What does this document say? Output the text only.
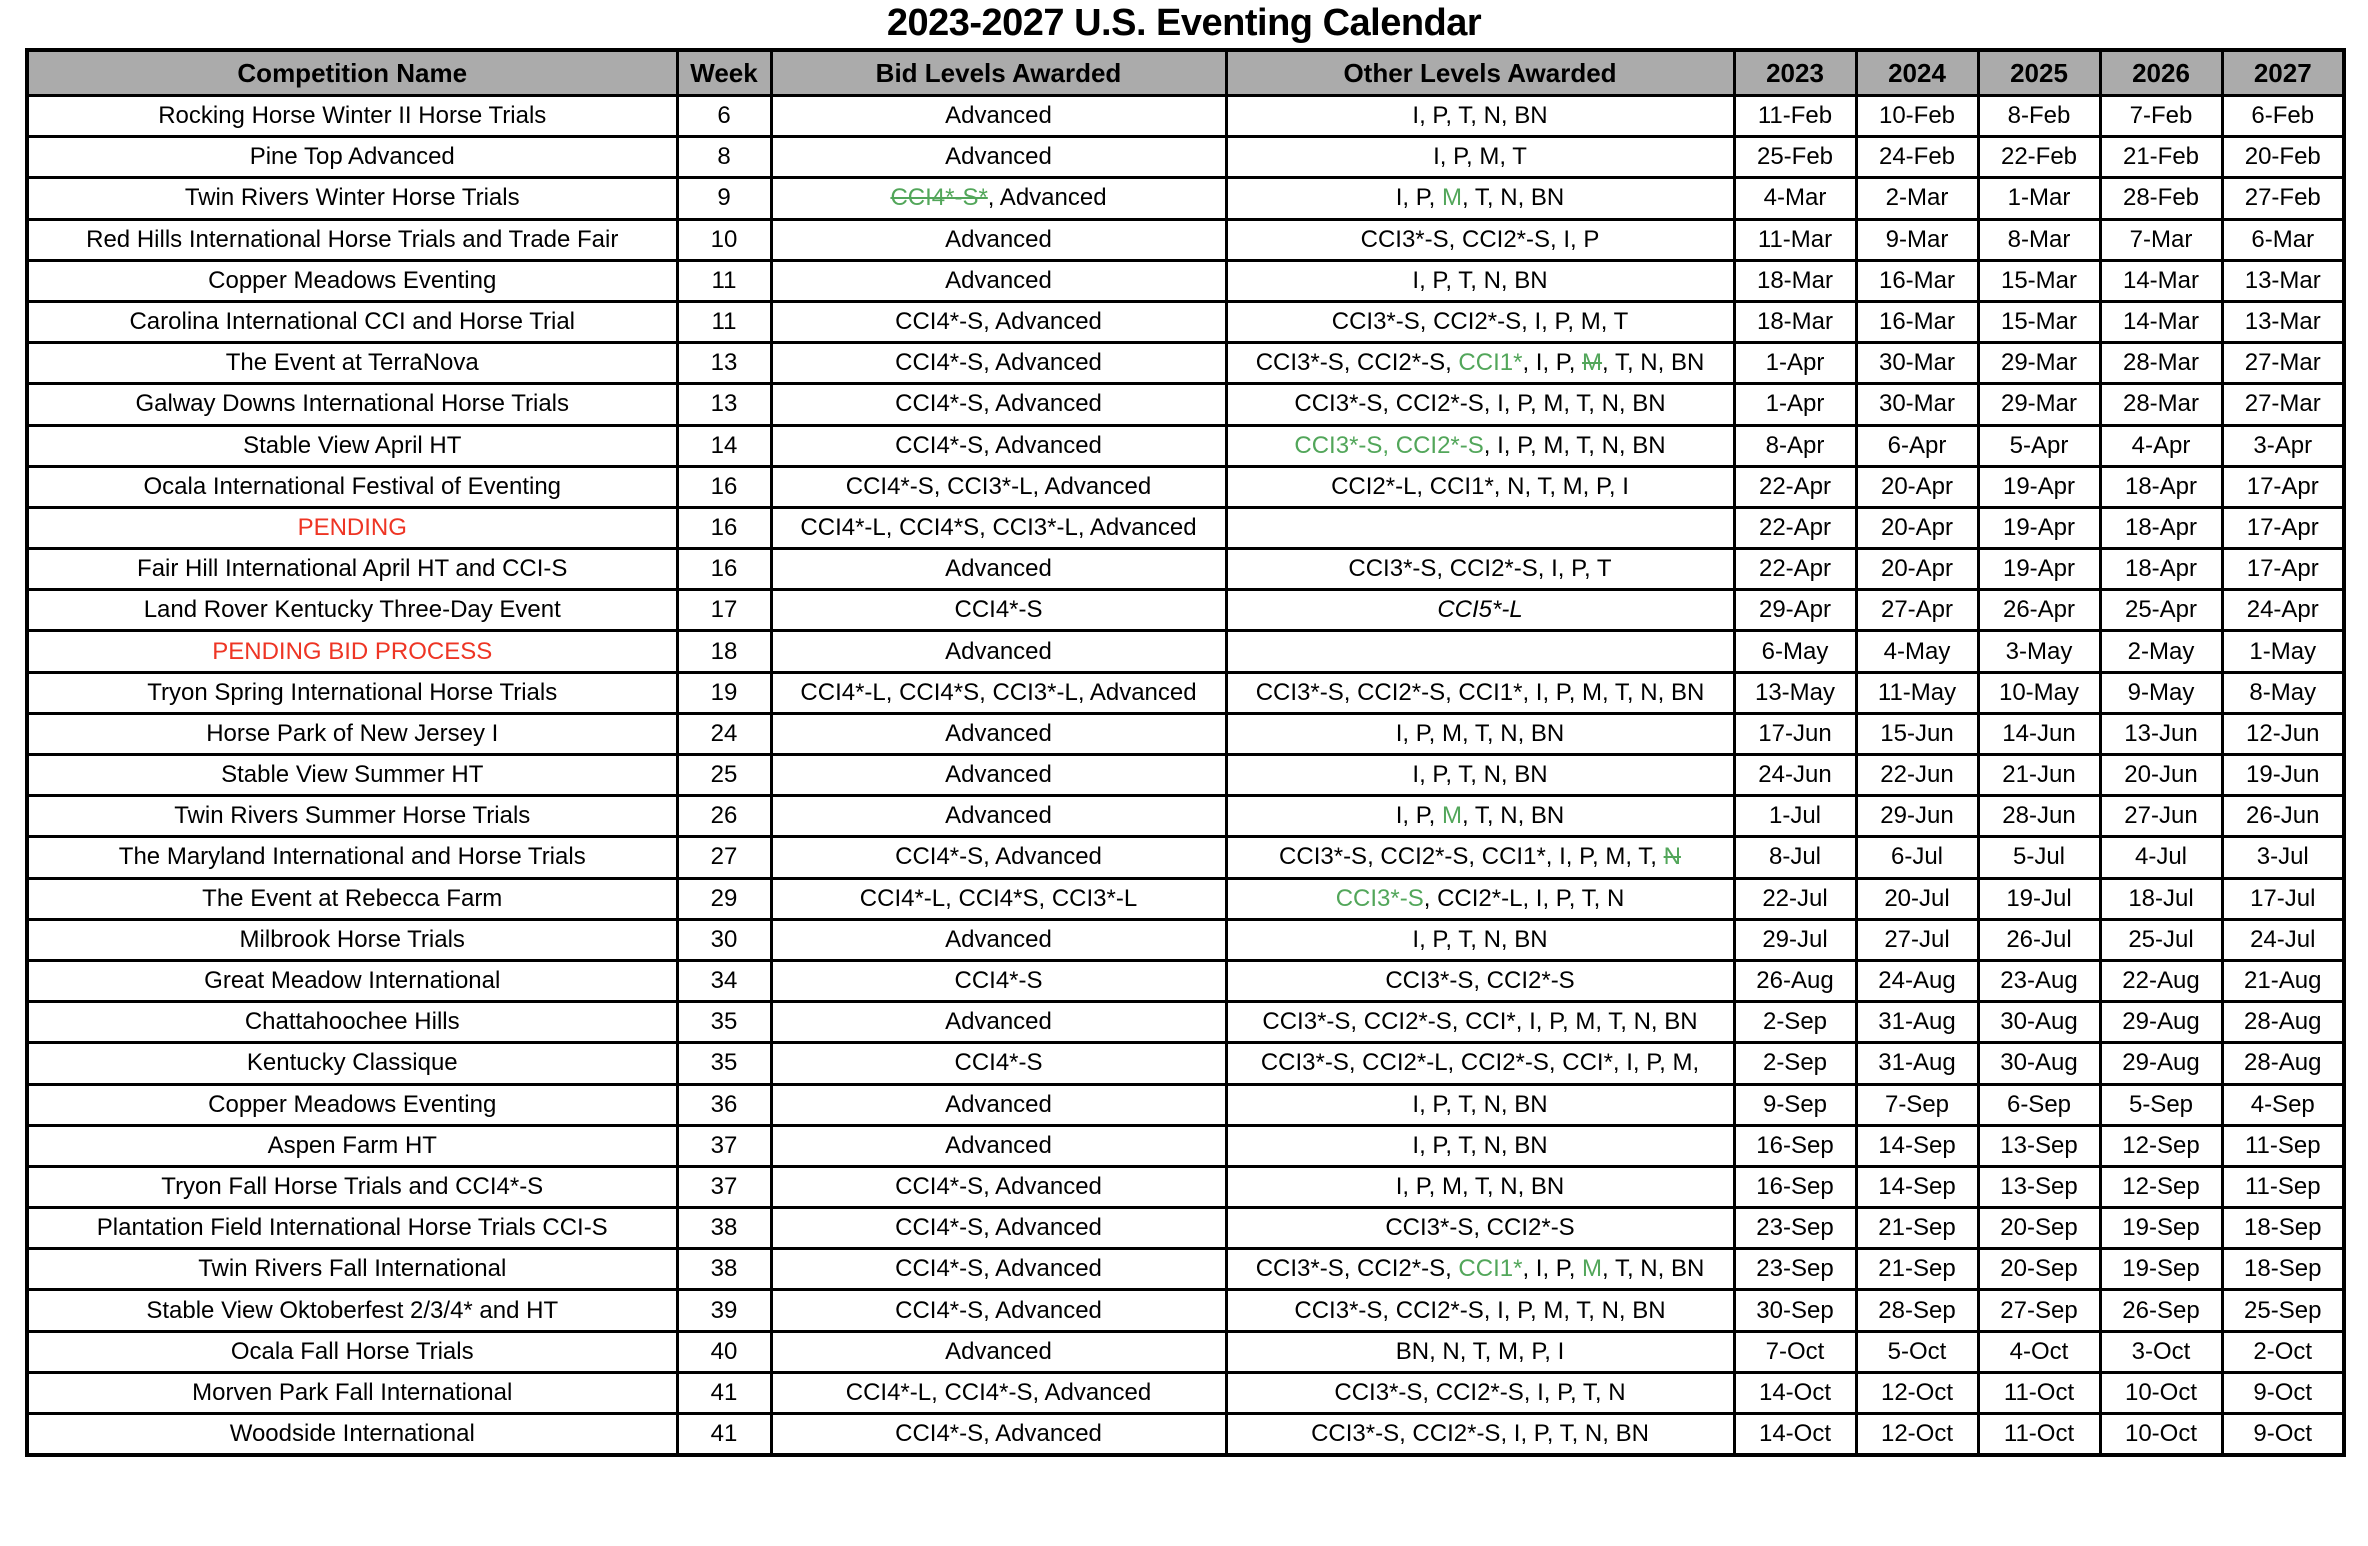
2023-2027 U.S. Eventing Calendar
Competition Name	Week	Bid Levels Awarded	Other Levels Awarded	2023	2024	2025	2026	2027
Rocking Horse Winter II Horse Trials	6	Advanced	I, P, T, N, BN	11-Feb	10-Feb	8-Feb	7-Feb	6-Feb
Pine Top Advanced	8	Advanced	I, P, M, T	25-Feb	24-Feb	22-Feb	21-Feb	20-Feb
Twin Rivers Winter Horse Trials	9	CCI4*-S*, Advanced	I, P, M, T, N, BN	4-Mar	2-Mar	1-Mar	28-Feb	27-Feb
Red Hills International Horse Trials and Trade Fair	10	Advanced	CCI3*-S, CCI2*-S, I, P	11-Mar	9-Mar	8-Mar	7-Mar	6-Mar
Copper Meadows Eventing	11	Advanced	I, P, T, N, BN	18-Mar	16-Mar	15-Mar	14-Mar	13-Mar
Carolina International CCI and Horse Trial	11	CCI4*-S, Advanced	CCI3*-S, CCI2*-S, I, P, M, T	18-Mar	16-Mar	15-Mar	14-Mar	13-Mar
The Event at TerraNova	13	CCI4*-S, Advanced	CCI3*-S, CCI2*-S, CCI1*, I, P, M, T, N, BN	1-Apr	30-Mar	29-Mar	28-Mar	27-Mar
Galway Downs International Horse Trials	13	CCI4*-S, Advanced	CCI3*-S, CCI2*-S, I, P, M, T, N, BN	1-Apr	30-Mar	29-Mar	28-Mar	27-Mar
Stable View April HT	14	CCI4*-S, Advanced	CCI3*-S, CCI2*-S, I, P, M, T, N, BN	8-Apr	6-Apr	5-Apr	4-Apr	3-Apr
Ocala International Festival of Eventing	16	CCI4*-S, CCI3*-L, Advanced	CCI2*-L, CCI1*, N, T, M, P, I	22-Apr	20-Apr	19-Apr	18-Apr	17-Apr
PENDING	16	CCI4*-L, CCI4*S, CCI3*-L, Advanced		22-Apr	20-Apr	19-Apr	18-Apr	17-Apr
Fair Hill International April HT and CCI-S	16	Advanced	CCI3*-S, CCI2*-S, I, P, T	22-Apr	20-Apr	19-Apr	18-Apr	17-Apr
Land Rover Kentucky Three-Day Event	17	CCI4*-S	CCI5*-L	29-Apr	27-Apr	26-Apr	25-Apr	24-Apr
PENDING BID PROCESS	18	Advanced		6-May	4-May	3-May	2-May	1-May
Tryon Spring International Horse Trials	19	CCI4*-L, CCI4*S, CCI3*-L, Advanced	CCI3*-S, CCI2*-S, CCI1*, I, P, M, T, N, BN	13-May	11-May	10-May	9-May	8-May
Horse Park of New Jersey I	24	Advanced	I, P, M, T, N, BN	17-Jun	15-Jun	14-Jun	13-Jun	12-Jun
Stable View Summer HT	25	Advanced	I, P, T, N, BN	24-Jun	22-Jun	21-Jun	20-Jun	19-Jun
Twin Rivers Summer Horse Trials	26	Advanced	I, P, M, T, N, BN	1-Jul	29-Jun	28-Jun	27-Jun	26-Jun
The Maryland International and Horse Trials	27	CCI4*-S, Advanced	CCI3*-S, CCI2*-S, CCI1*, I, P, M, T, N	8-Jul	6-Jul	5-Jul	4-Jul	3-Jul
The Event at Rebecca Farm	29	CCI4*-L, CCI4*S, CCI3*-L	CCI3*-S, CCI2*-L, I, P, T, N	22-Jul	20-Jul	19-Jul	18-Jul	17-Jul
Milbrook Horse Trials	30	Advanced	I, P, T, N, BN	29-Jul	27-Jul	26-Jul	25-Jul	24-Jul
Great Meadow International	34	CCI4*-S	CCI3*-S, CCI2*-S	26-Aug	24-Aug	23-Aug	22-Aug	21-Aug
Chattahoochee Hills	35	Advanced	CCI3*-S, CCI2*-S, CCI*, I, P, M, T, N, BN	2-Sep	31-Aug	30-Aug	29-Aug	28-Aug
Kentucky Classique	35	CCI4*-S	CCI3*-S, CCI2*-L, CCI2*-S, CCI*, I, P, M,	2-Sep	31-Aug	30-Aug	29-Aug	28-Aug
Copper Meadows Eventing	36	Advanced	I, P, T, N, BN	9-Sep	7-Sep	6-Sep	5-Sep	4-Sep
Aspen Farm HT	37	Advanced	I, P, T, N, BN	16-Sep	14-Sep	13-Sep	12-Sep	11-Sep
Tryon Fall Horse Trials and CCI4*-S	37	CCI4*-S, Advanced	I, P, M, T, N, BN	16-Sep	14-Sep	13-Sep	12-Sep	11-Sep
Plantation Field International Horse Trials CCI-S	38	CCI4*-S, Advanced	CCI3*-S, CCI2*-S	23-Sep	21-Sep	20-Sep	19-Sep	18-Sep
Twin Rivers Fall International	38	CCI4*-S, Advanced	CCI3*-S, CCI2*-S, CCI1*, I, P, M, T, N, BN	23-Sep	21-Sep	20-Sep	19-Sep	18-Sep
Stable View Oktoberfest 2/3/4* and HT	39	CCI4*-S, Advanced	CCI3*-S, CCI2*-S, I, P, M, T, N, BN	30-Sep	28-Sep	27-Sep	26-Sep	25-Sep
Ocala Fall Horse Trials	40	Advanced	BN, N, T, M, P, I	7-Oct	5-Oct	4-Oct	3-Oct	2-Oct
Morven Park Fall International	41	CCI4*-L, CCI4*-S, Advanced	CCI3*-S, CCI2*-S, I, P, T, N	14-Oct	12-Oct	11-Oct	10-Oct	9-Oct
Woodside International	41	CCI4*-S, Advanced	CCI3*-S, CCI2*-S, I, P, T, N, BN	14-Oct	12-Oct	11-Oct	10-Oct	9-Oct
